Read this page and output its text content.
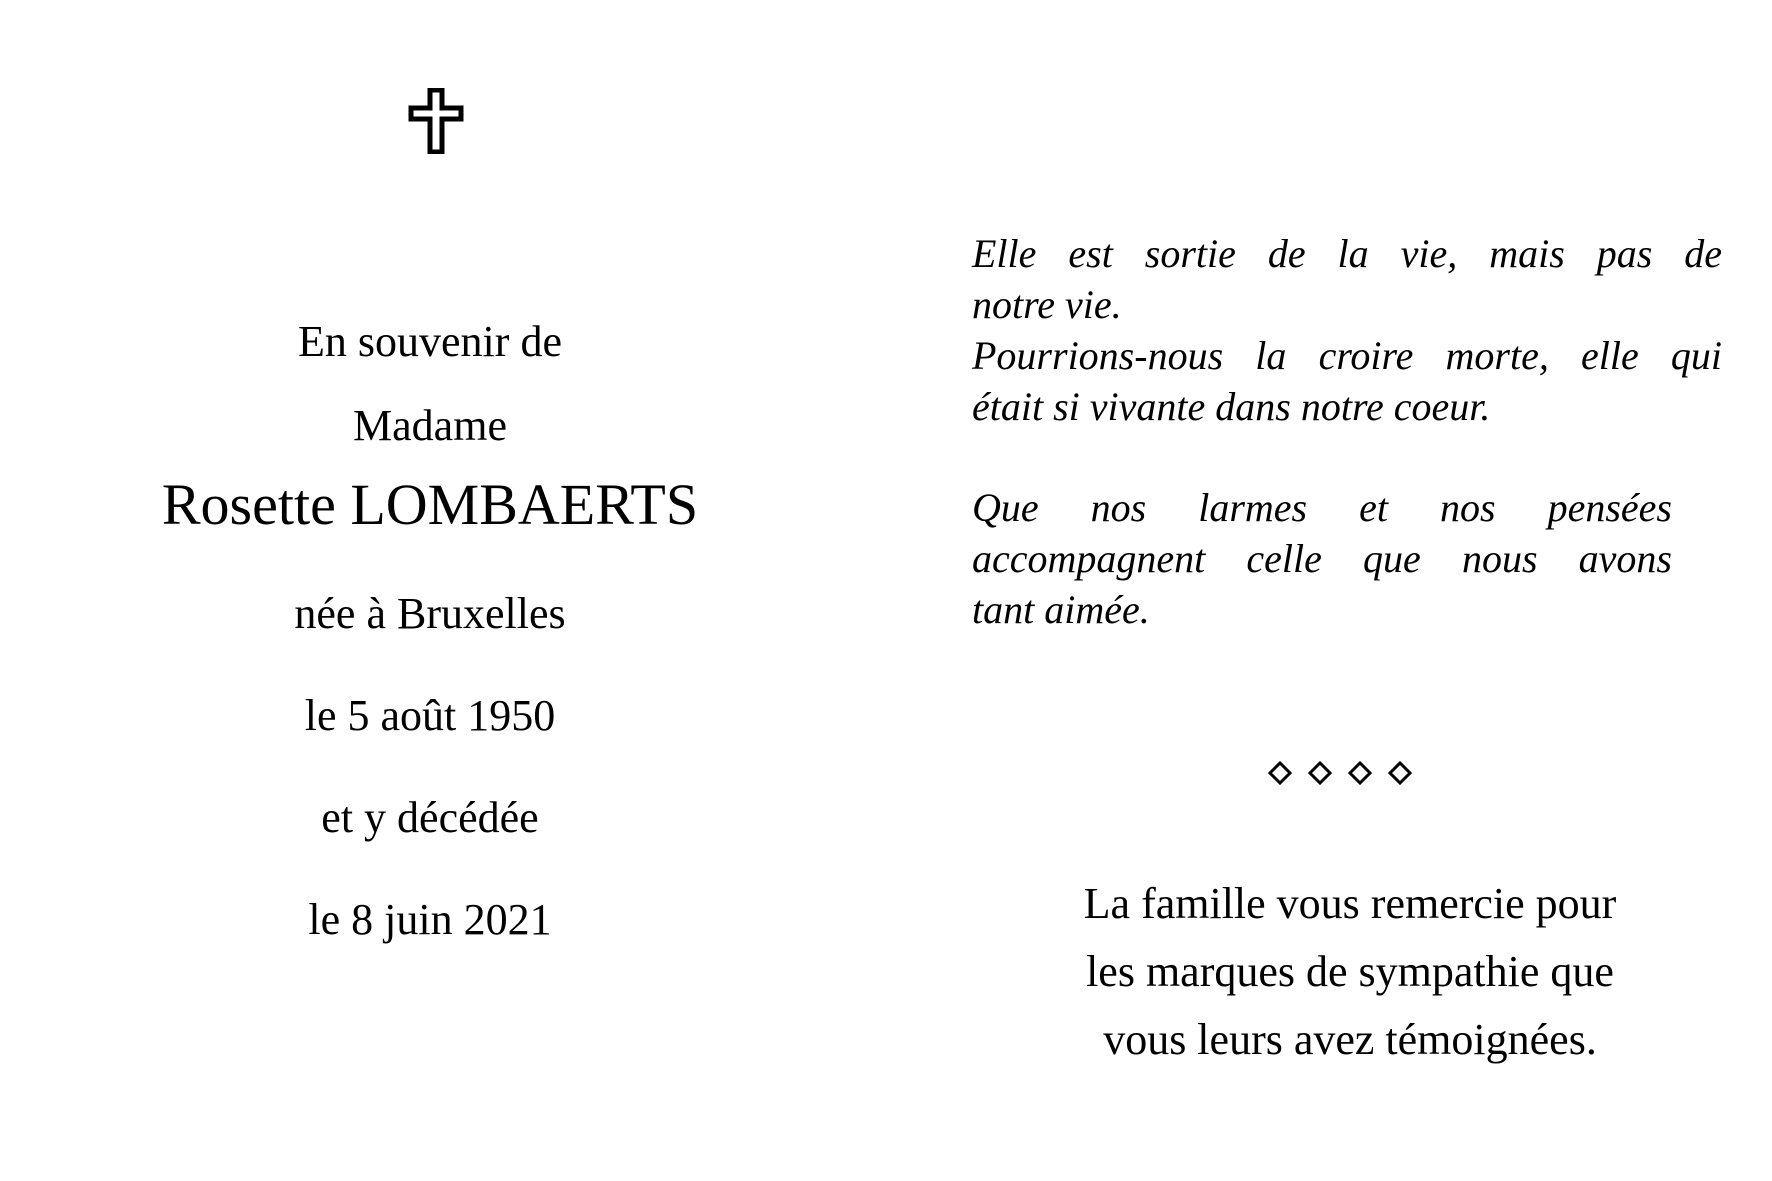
En souvenir de
Madame
Rosette LOMBAERTS
née à Bruxelles
le 5 août 1950
et y décédée
le 8 juin 2021

Elle est sortie de la vie, mais pas de

notre vie.

Pourrions-nous la croire morte, elle qui

était si vivante dans notre coeur.

Que nos larmes et nos pensées

accompagnent celle que nous avons

tant aimée.

La famille vous remercie pour
les marques de sympathie que
vous leurs avez témoignées.
